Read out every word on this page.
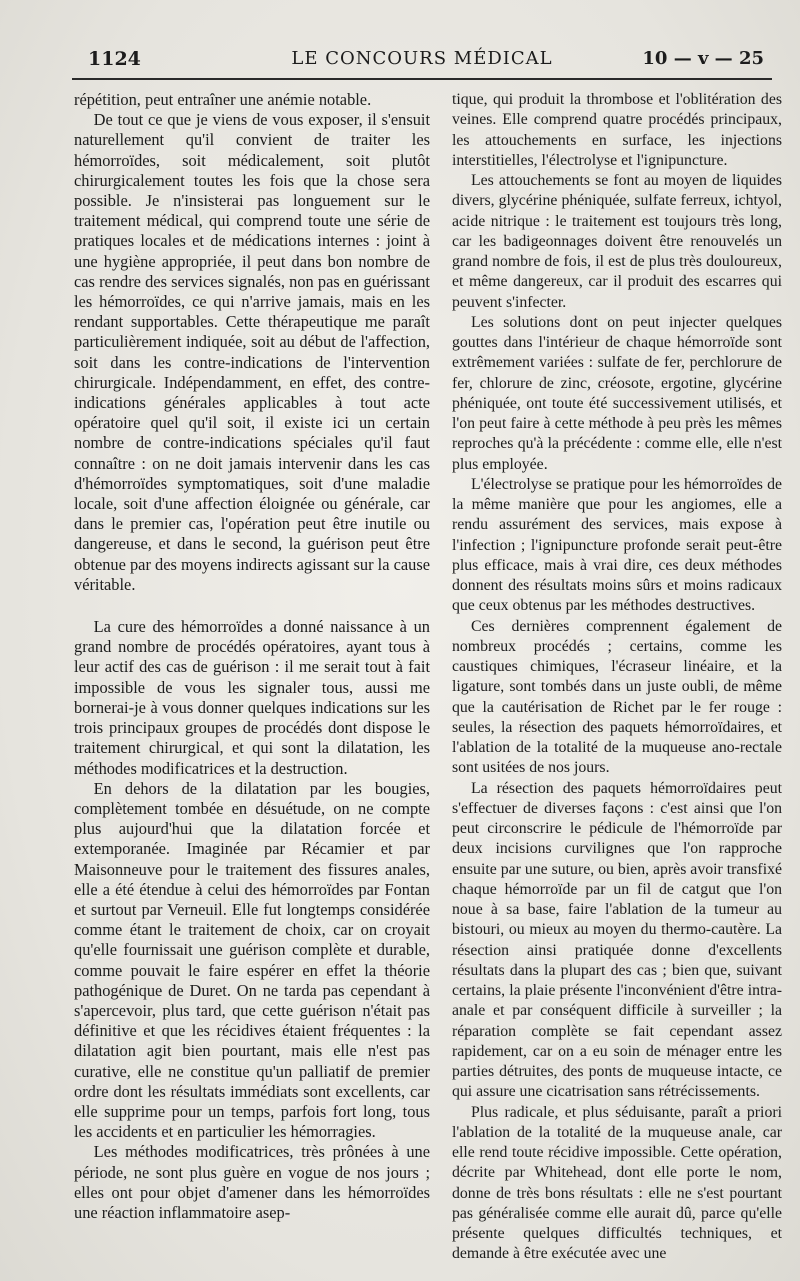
1124	LE CONCOURS MÉDICAL	10 — v — 25

répétition, peut entraîner une anémie notable.

De tout ce que je viens de vous exposer, il s'ensuit naturellement qu'il convient de traiter les hémorroïdes, soit médicalement, soit plutôt chirurgicalement toutes les fois que la chose sera possible. Je n'insisterai pas longuement sur le traitement médical, qui comprend toute une série de pratiques locales et de médications internes : joint à une hygiène appropriée, il peut dans bon nombre de cas rendre des services signalés, non pas en guérissant les hémorroïdes, ce qui n'arrive jamais, mais en les rendant supportables. Cette thérapeutique me paraît particulièrement indiquée, soit au début de l'affection, soit dans les contre-indications de l'intervention chirurgicale. Indépendamment, en effet, des contre-indications générales applicables à tout acte opératoire quel qu'il soit, il existe ici un certain nombre de contre-indications spéciales qu'il faut connaître : on ne doit jamais intervenir dans les cas d'hémorroïdes symptomatiques, soit d'une maladie locale, soit d'une affection éloignée ou générale, car dans le premier cas, l'opération peut être inutile ou dangereuse, et dans le second, la guérison peut être obtenue par des moyens indirects agissant sur la cause véritable.

La cure des hémorroïdes a donné naissance à un grand nombre de procédés opératoires, ayant tous à leur actif des cas de guérison : il me serait tout à fait impossible de vous les signaler tous, aussi me bornerai-je à vous donner quelques indications sur les trois principaux groupes de procédés dont dispose le traitement chirurgical, et qui sont la dilatation, les méthodes modificatrices et la destruction.

En dehors de la dilatation par les bougies, complètement tombée en désuétude, on ne compte plus aujourd'hui que la dilatation forcée et extemporanée. Imaginée par Récamier et par Maisonneuve pour le traitement des fissures anales, elle a été étendue à celui des hémorroïdes par Fontan et surtout par Verneuil. Elle fut longtemps considérée comme étant le traitement de choix, car on croyait qu'elle fournissait une guérison complète et durable, comme pouvait le faire espérer en effet la théorie pathogénique de Duret. On ne tarda pas cependant à s'apercevoir, plus tard, que cette guérison n'était pas définitive et que les récidives étaient fréquentes : la dilatation agit bien pourtant, mais elle n'est pas curative, elle ne constitue qu'un palliatif de premier ordre dont les résultats immédiats sont excellents, car elle supprime pour un temps, parfois fort long, tous les accidents et en particulier les hémorragies.

Les méthodes modificatrices, très prônées à une période, ne sont plus guère en vogue de nos jours ; elles ont pour objet d'amener dans les hémorroïdes une réaction inflammatoire asep-

tique, qui produit la thrombose et l'oblitération des veines. Elle comprend quatre procédés principaux, les attouchements en surface, les injections interstitielles, l'électrolyse et l'ignipuncture.

Les attouchements se font au moyen de liquides divers, glycérine phéniquée, sulfate ferreux, ichtyol, acide nitrique : le traitement est toujours très long, car les badigeonnages doivent être renouvelés un grand nombre de fois, il est de plus très douloureux, et même dangereux, car il produit des escarres qui peuvent s'infecter.

Les solutions dont on peut injecter quelques gouttes dans l'intérieur de chaque hémorroïde sont extrêmement variées : sulfate de fer, perchlorure de fer, chlorure de zinc, créosote, ergotine, glycérine phéniquée, ont toute été successivement utilisés, et l'on peut faire à cette méthode à peu près les mêmes reproches qu'à la précédente : comme elle, elle n'est plus employée.

L'électrolyse se pratique pour les hémorroïdes de la même manière que pour les angiomes, elle a rendu assurément des services, mais expose à l'infection ; l'ignipuncture profonde serait peut-être plus efficace, mais à vrai dire, ces deux méthodes donnent des résultats moins sûrs et moins radicaux que ceux obtenus par les méthodes destructives.

Ces dernières comprennent également de nombreux procédés ; certains, comme les caustiques chimiques, l'écraseur linéaire, et la ligature, sont tombés dans un juste oubli, de même que la cautérisation de Richet par le fer rouge : seules, la résection des paquets hémorroïdaires, et l'ablation de la totalité de la muqueuse ano-rectale sont usitées de nos jours.

La résection des paquets hémorroïdaires peut s'effectuer de diverses façons : c'est ainsi que l'on peut circonscrire le pédicule de l'hémorroïde par deux incisions curvilignes que l'on rapproche ensuite par une suture, ou bien, après avoir transfixé chaque hémorroïde par un fil de catgut que l'on noue à sa base, faire l'ablation de la tumeur au bistouri, ou mieux au moyen du thermo-cautère. La résection ainsi pratiquée donne d'excellents résultats dans la plupart des cas ; bien que, suivant certains, la plaie présente l'inconvénient d'être intra-anale et par conséquent difficile à surveiller ; la réparation complète se fait cependant assez rapidement, car on a eu soin de ménager entre les parties détruites, des ponts de muqueuse intacte, ce qui assure une cicatrisation sans rétrécissements.

Plus radicale, et plus séduisante, paraît a priori l'ablation de la totalité de la muqueuse anale, car elle rend toute récidive impossible. Cette opération, décrite par Whitehead, dont elle porte le nom, donne de très bons résultats : elle ne s'est pourtant pas généralisée comme elle aurait dû, parce qu'elle présente quelques difficultés techniques, et demande à être exécutée avec une
